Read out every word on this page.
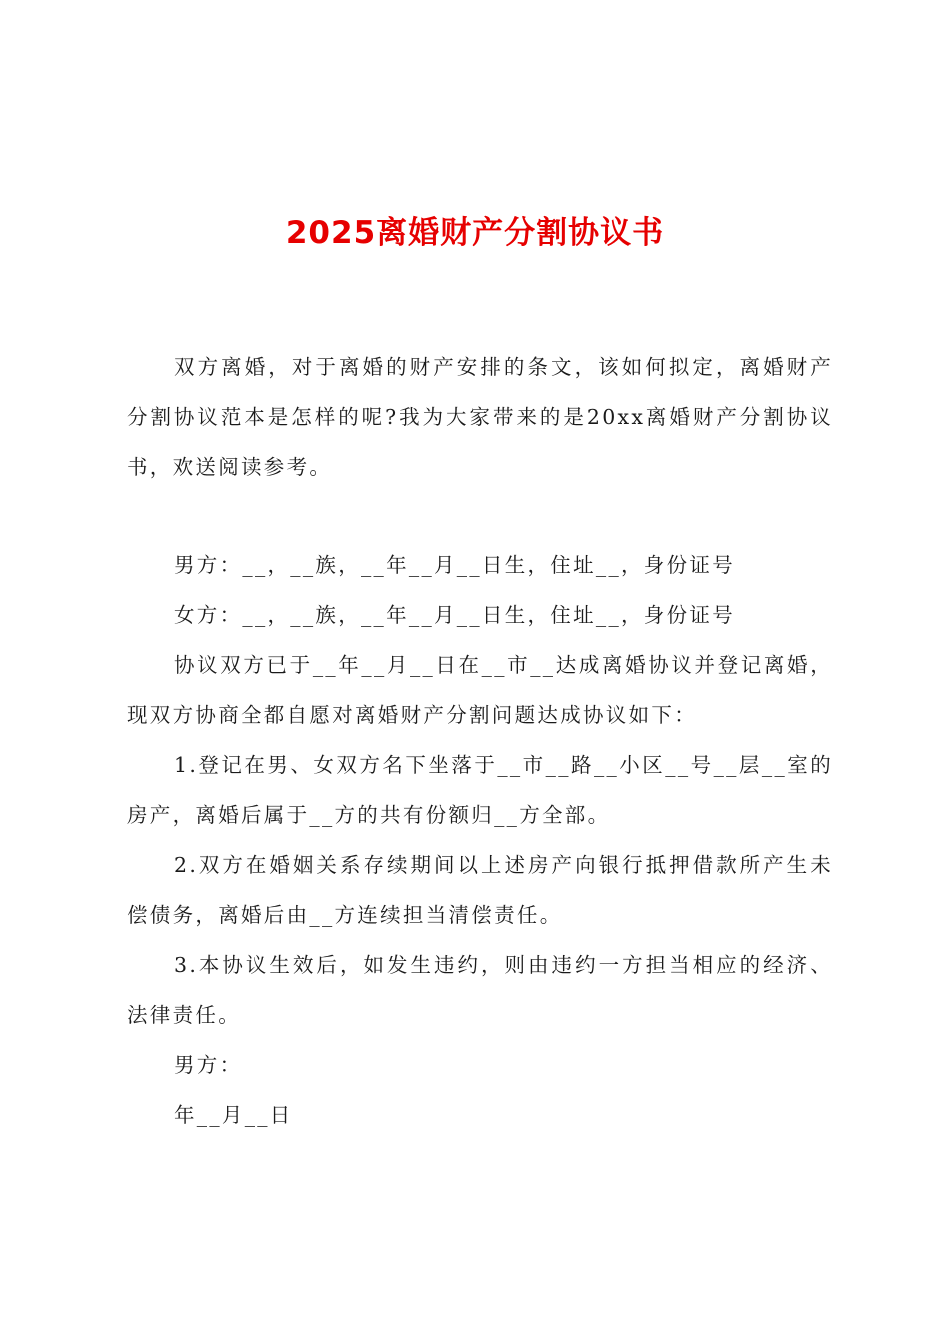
2025离婚财产分割协议书

双方离婚，对于离婚的财产安排的条文，该如何拟定，离婚财产分割协议范本是怎样的呢?我为大家带来的是20xx离婚财产分割协议书，欢送阅读参考。

男方：__，__族，__年__月__日生，住址__，身份证号

女方：__，__族，__年__月__日生，住址__，身份证号

协议双方已于__年__月__日在__市__达成离婚协议并登记离婚，现双方协商全都自愿对离婚财产分割问题达成协议如下：

1.登记在男、女双方名下坐落于__市__路__小区__号__层__室的房产，离婚后属于__方的共有份额归__方全部。

2.双方在婚姻关系存续期间以上述房产向银行抵押借款所产生未偿债务，离婚后由__方连续担当清偿责任。

3.本协议生效后，如发生违约，则由违约一方担当相应的经济、法律责任。

男方：

年__月__日
